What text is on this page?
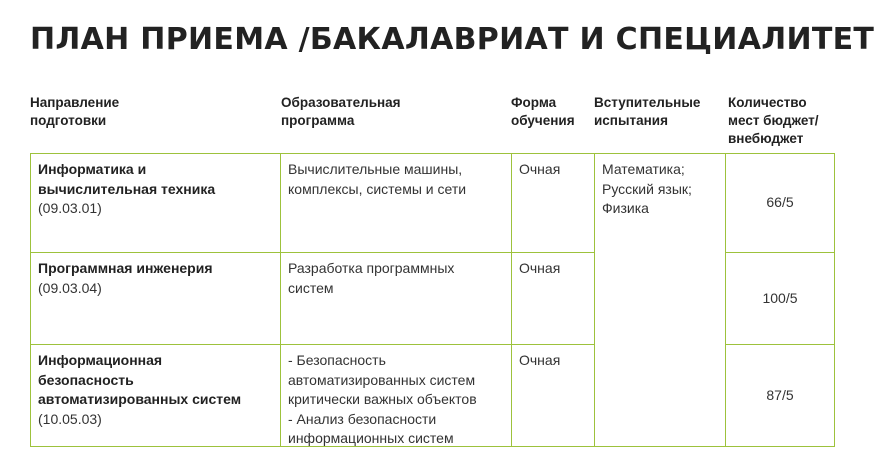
ПЛАН ПРИЕМА /БАКАЛАВРИАТ И СПЕЦИАЛИТЕТ
Направление
подготовки
Образовательная
программа
Форма
обучения
Вступительные
испытания
Количество
мест бюджет/
внебюджет
Информатика и
вычислительная техника
(09.03.01)
Вычислительные машины,
комплексы, системы и сети
Очная
66/5
Программная инженерия
(09.03.04)
Разработка программных
систем
Очная
100/5
Информационная
безопасность
автоматизированных систем
(10.05.03)
- Безопасность
автоматизированных систем
критически важных объектов
- Анализ безопасности
информационных систем
Очная
87/5
Математика;
Русский язык;
Физика
